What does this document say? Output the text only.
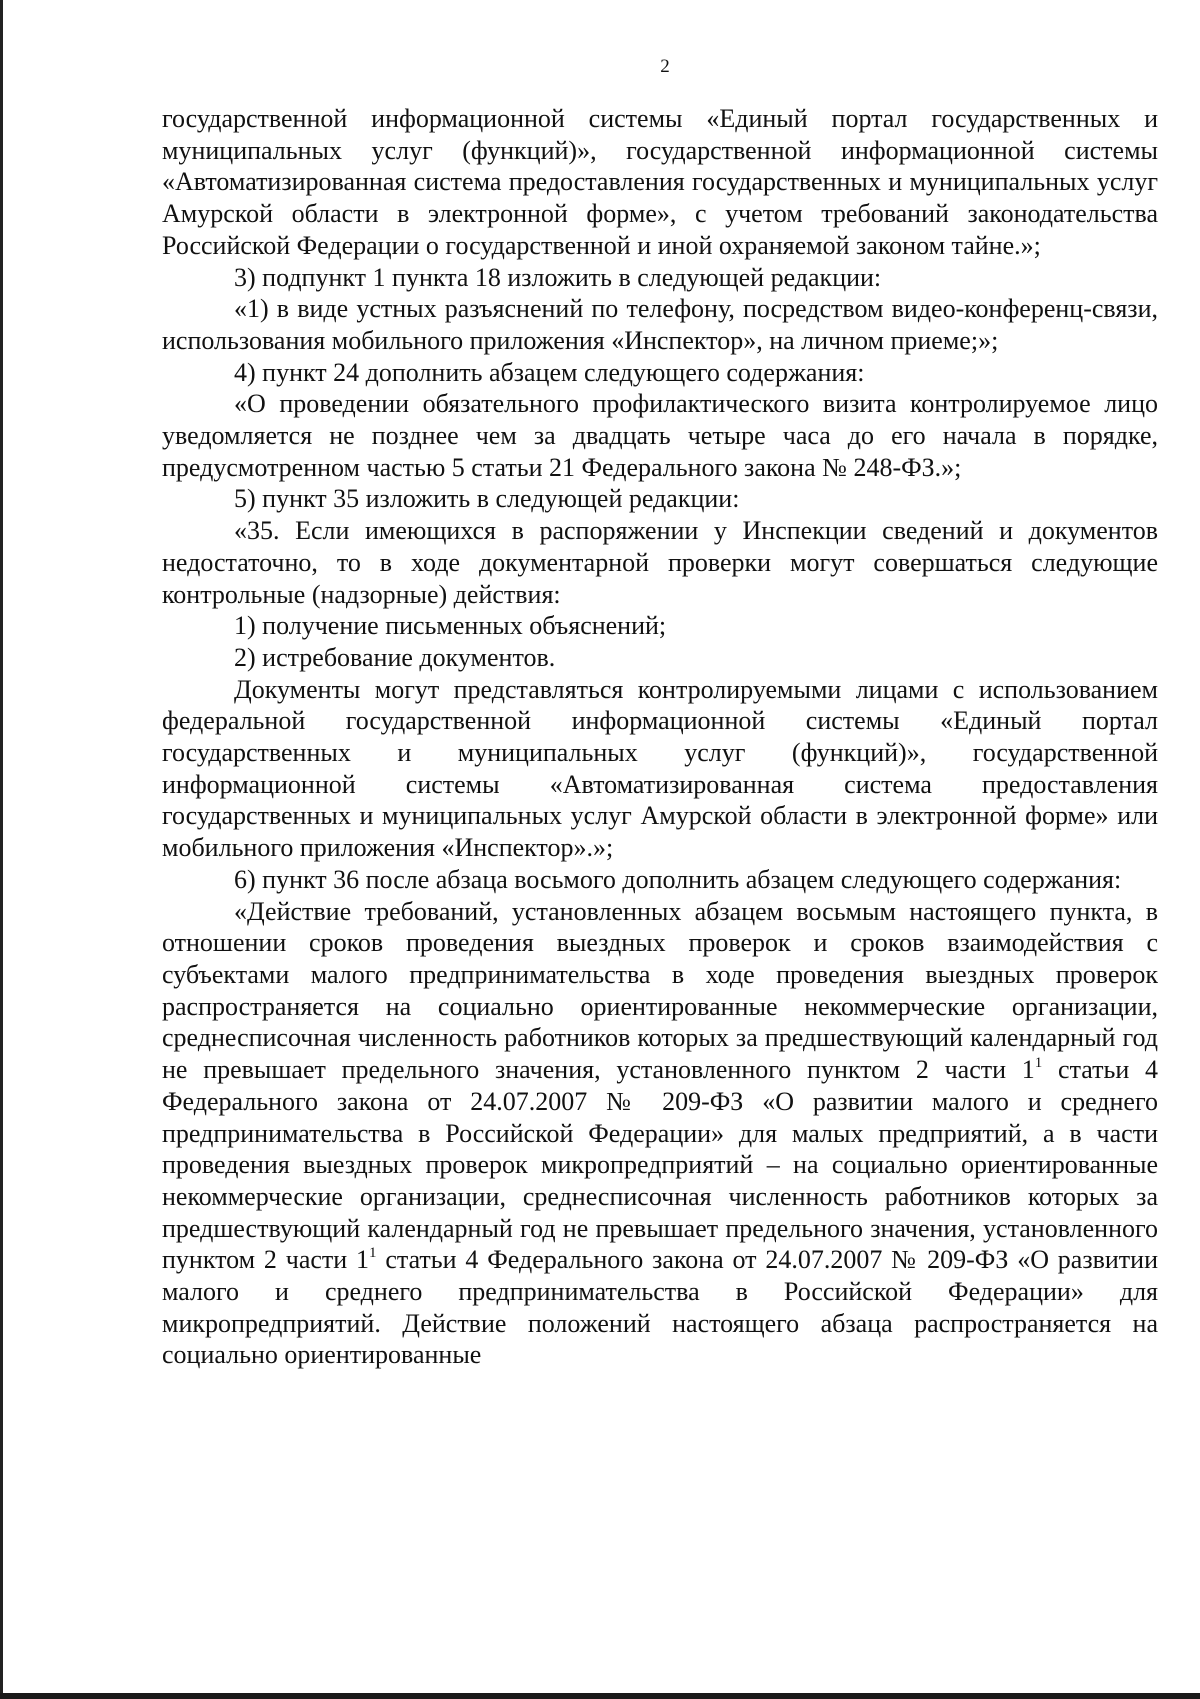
2

государственной информационной системы «Единый портал государственных и муниципальных услуг (функций)», государственной информационной системы «Автоматизированная система предоставления государственных и муниципальных услуг Амурской области в электронной форме», с учетом требований законодательства Российской Федерации о государственной и иной охраняемой законом тайне.»;

3) подпункт 1 пункта 18 изложить в следующей редакции:

«1) в виде устных разъяснений по телефону, посредством видео-конференц-связи, использования мобильного приложения «Инспектор», на личном приеме;»;

4) пункт 24 дополнить абзацем следующего содержания:

«О проведении обязательного профилактического визита контролируемое лицо уведомляется не позднее чем за двадцать четыре часа до его начала в порядке, предусмотренном частью 5 статьи 21 Федерального закона № 248-ФЗ.»;

5) пункт 35 изложить в следующей редакции:

«35. Если имеющихся в распоряжении у Инспекции сведений и документов недостаточно, то в ходе документарной проверки могут совершаться следующие контрольные (надзорные) действия:

1) получение письменных объяснений;

2) истребование документов.

Документы могут представляться контролируемыми лицами с использованием федеральной государственной информационной системы «Единый портал государственных и муниципальных услуг (функций)», государственной информационной системы «Автоматизированная система предоставления государственных и муниципальных услуг Амурской области в электронной форме» или мобильного приложения «Инспектор».»;

6) пункт 36 после абзаца восьмого дополнить абзацем следующего содержания:

«Действие требований, установленных абзацем восьмым настоящего пункта, в отношении сроков проведения выездных проверок и сроков взаимодействия с субъектами малого предпринимательства в ходе проведения выездных проверок распространяется на социально ориентированные некоммерческие организации, среднесписочная численность работников которых за предшествующий календарный год не превышает предельного значения, установленного пунктом 2 части $1^1$ статьи 4 Федерального закона от 24.07.2007 № 209-ФЗ «О развитии малого и среднего предпринимательства в Российской Федерации» для малых предприятий, а в части проведения выездных проверок микропредприятий – на социально ориентированные некоммерческие организации, среднесписочная численность работников которых за предшествующий календарный год не превышает предельного значения, установленного пунктом 2 части $1^1$ статьи 4 Федерального закона от 24.07.2007 № 209-ФЗ «О развитии малого и среднего предпринимательства в Российской Федерации» для микропредприятий. Действие положений настоящего абзаца распространяется на социально ориентированные
